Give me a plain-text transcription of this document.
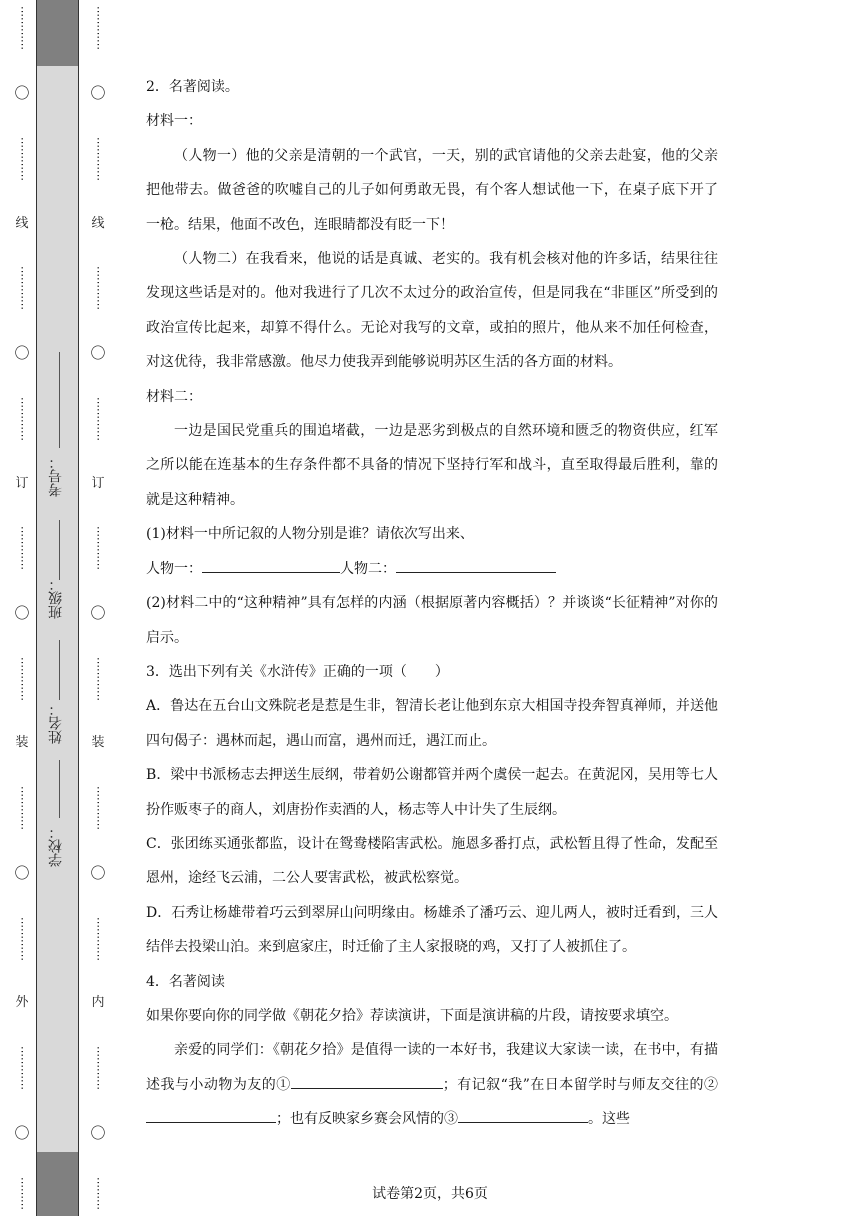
⋯⋯⋯⋯
〇
⋯⋯⋯⋯
线
⋯⋯⋯⋯
〇
⋯⋯⋯⋯
订
⋯⋯⋯⋯
〇
⋯⋯⋯⋯
装
⋯⋯⋯⋯
〇
⋯⋯⋯⋯
外
⋯⋯⋯⋯
〇
⋯⋯⋯
考号：
班级：
姓名：
学校：
⋯⋯⋯⋯
〇
⋯⋯⋯⋯
线
⋯⋯⋯⋯
〇
⋯⋯⋯⋯
订
⋯⋯⋯⋯
〇
⋯⋯⋯⋯
装
⋯⋯⋯⋯
〇
⋯⋯⋯⋯
内
⋯⋯⋯⋯
〇
⋯⋯⋯

2．名著阅读。

材料一：

（人物一）他的父亲是清朝的一个武官，一天，别的武官请他的父亲去赴宴，他的父亲把他带去。做爸爸的吹嘘自己的儿子如何勇敢无畏，有个客人想试他一下，在桌子底下开了一枪。结果，他面不改色，连眼睛都没有眨一下！

（人物二）在我看来，他说的话是真诚、老实的。我有机会核对他的许多话，结果往往发现这些话是对的。他对我进行了几次不太过分的政治宣传，但是同我在“非匪区”所受到的政治宣传比起来，却算不得什么。无论对我写的文章，或拍的照片，他从来不加任何检查，对这优待，我非常感激。他尽力使我弄到能够说明苏区生活的各方面的材料。

材料二：

一边是国民党重兵的围追堵截，一边是恶劣到极点的自然环境和匮乏的物资供应，红军之所以能在连基本的生存条件都不具备的情况下坚持行军和战斗，直至取得最后胜利，靠的就是这种精神。

(1)材料一中所记叙的人物分别是谁？请依次写出来、

人物一：	人物二：

(2)材料二中的“这种精神”具有怎样的内涵（根据原著内容概括）？并谈谈“长征精神”对你的启示。

3．选出下列有关《水浒传》正确的一项（　　）

A．鲁达在五台山文殊院老是惹是生非，智清长老让他到东京大相国寺投奔智真禅师，并送他四句偈子：遇林而起，遇山而富，遇州而迁，遇江而止。

B．梁中书派杨志去押送生辰纲，带着奶公谢都管并两个虞侯一起去。在黄泥冈，吴用等七人扮作贩枣子的商人，刘唐扮作卖酒的人，杨志等人中计失了生辰纲。

C．张团练买通张都监，设计在鸳鸯楼陷害武松。施恩多番打点，武松暂且得了性命，发配至恩州，途经飞云浦，二公人要害武松，被武松察觉。

D．石秀让杨雄带着巧云到翠屏山问明缘由。杨雄杀了潘巧云、迎儿两人，被时迁看到，三人结伴去投梁山泊。来到扈家庄，时迁偷了主人家报晓的鸡，又打了人被抓住了。

4．名著阅读

如果你要向你的同学做《朝花夕拾》荐读演讲，下面是演讲稿的片段，请按要求填空。

亲爱的同学们：《朝花夕拾》是值得一读的一本好书，我建议大家读一读，在书中，有描述我与小动物为友的①	；有记叙“我”在日本留学时与师友交往的②；也有反映家乡赛会风情的③	。这些

试卷第2页，共6页
